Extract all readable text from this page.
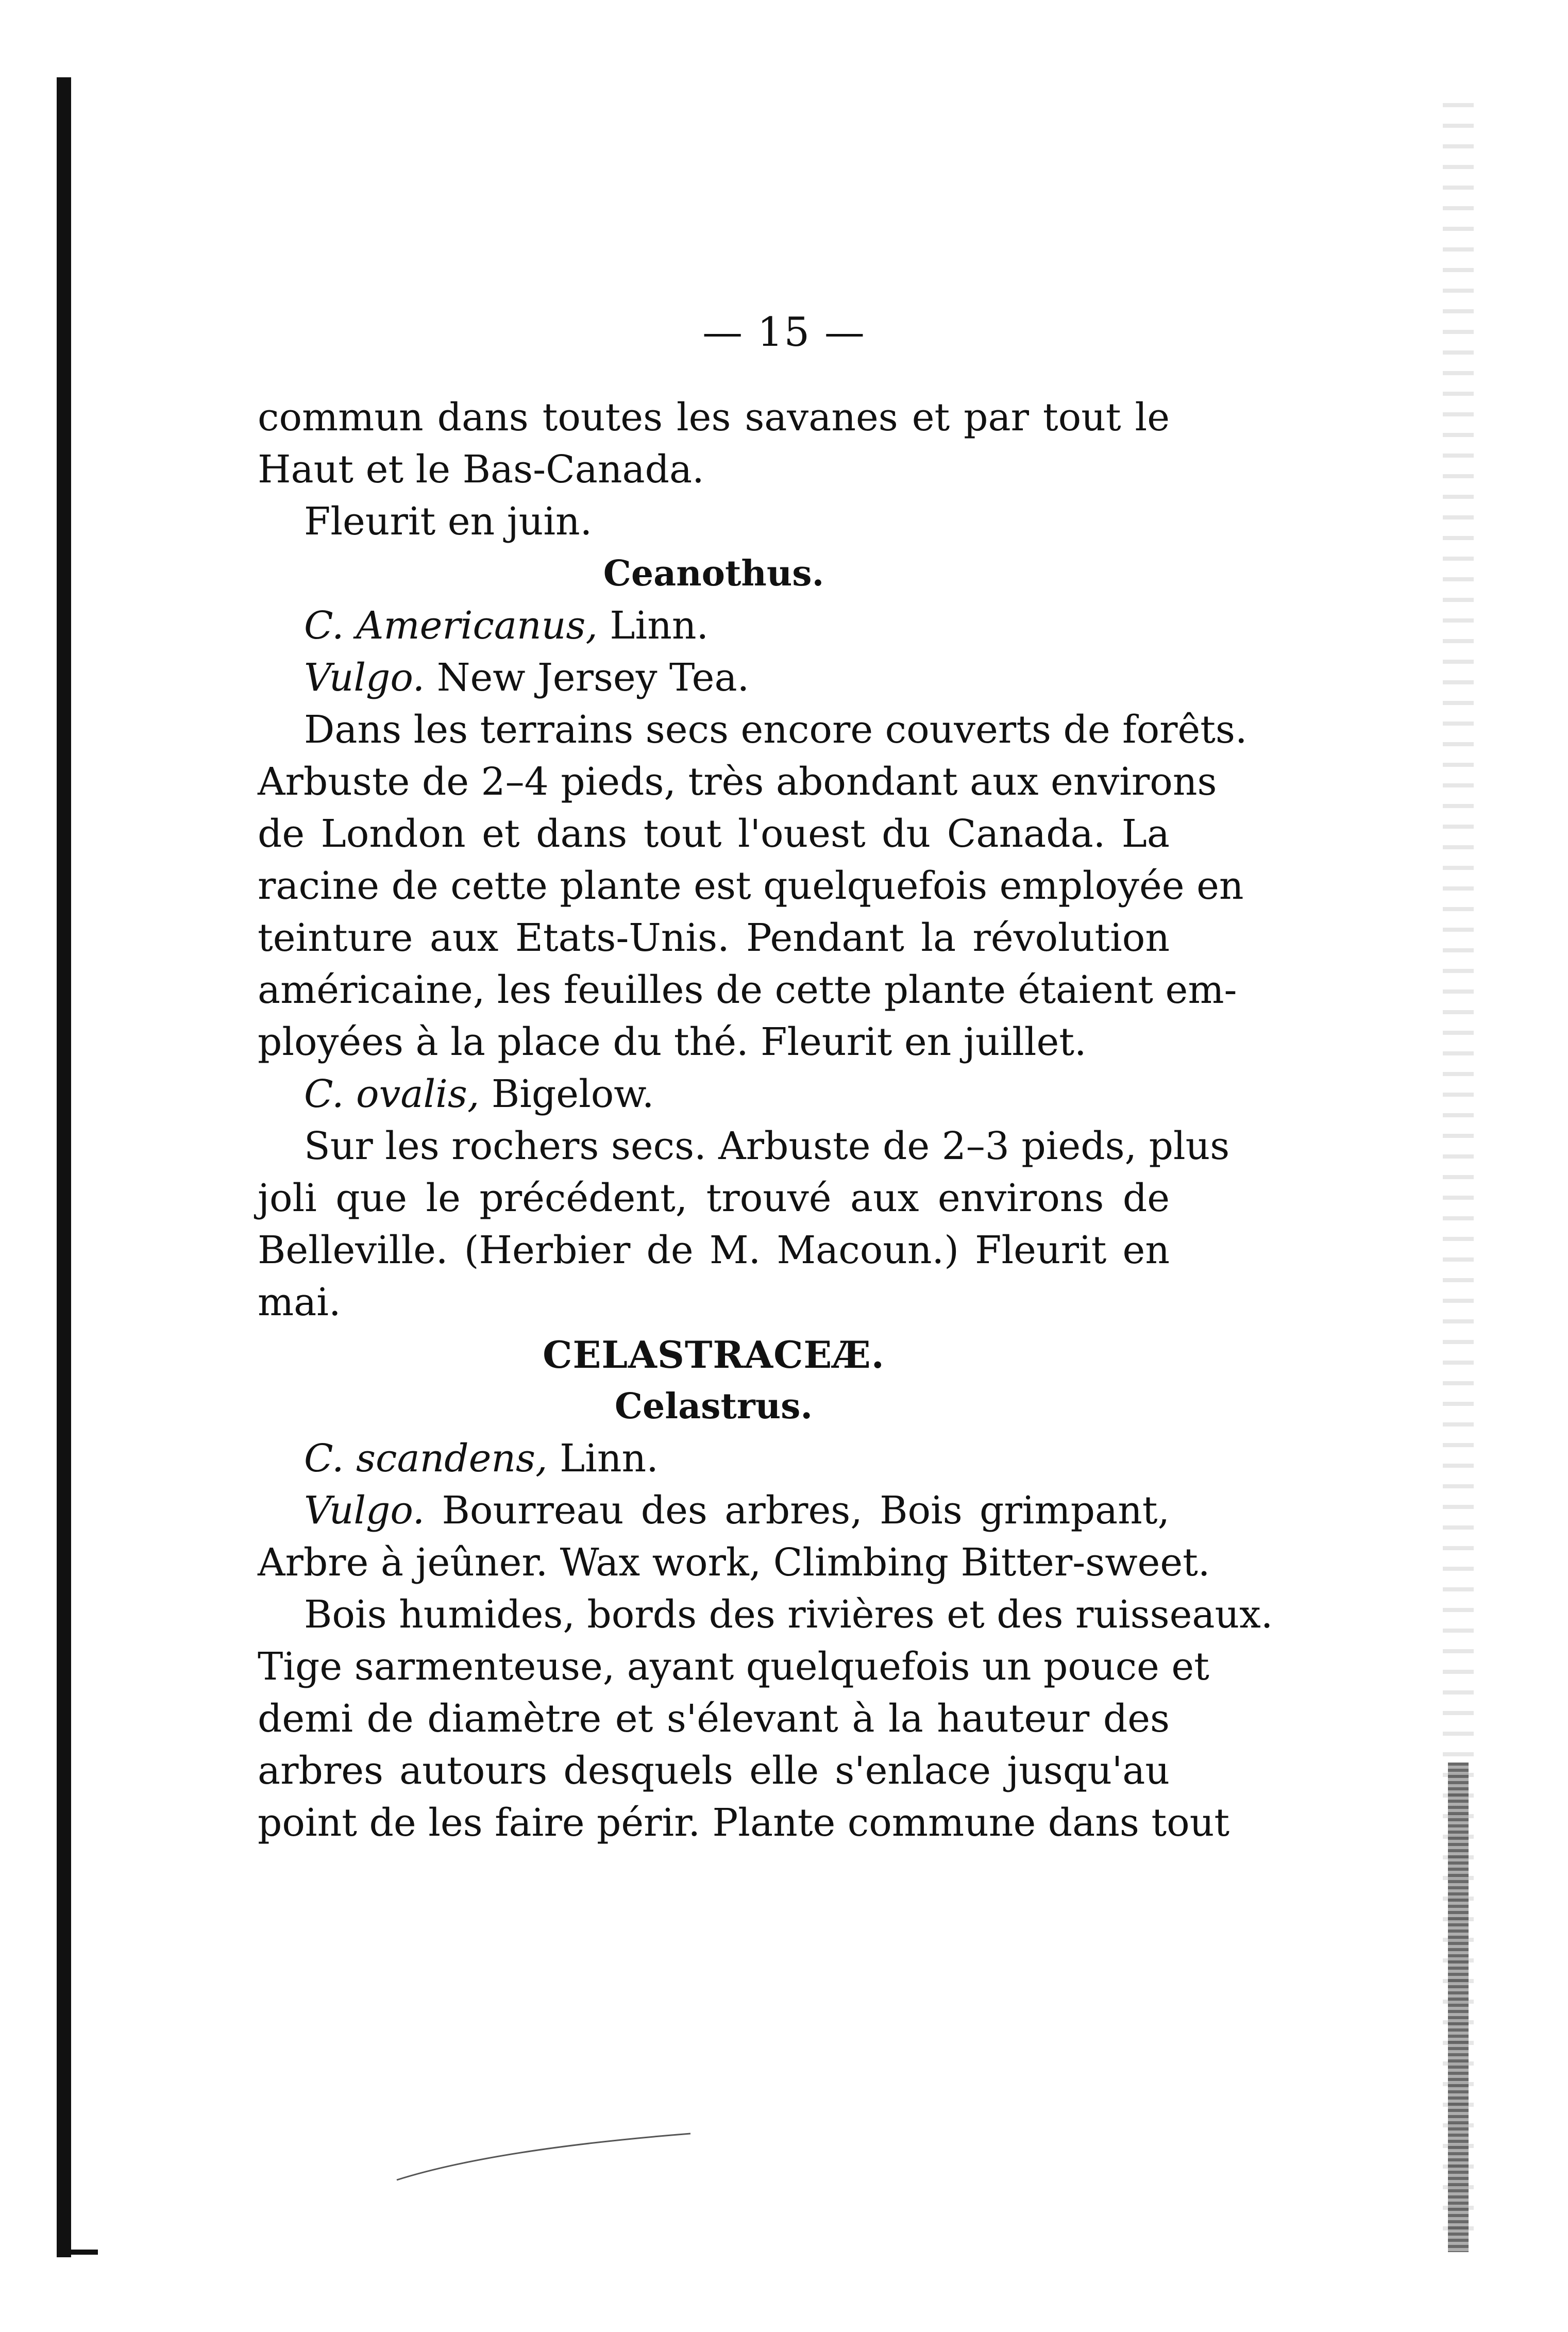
— 15 —
commun dans toutes les savanes et par tout le
Haut et le Bas-Canada.
Fleurit en juin.
Ceanothus.
C. Americanus, Linn.
Vulgo. New Jersey Tea.
Dans les terrains secs encore couverts de forêts.
Arbuste de 2–4 pieds, très abondant aux environs
de London et dans tout l'ouest du Canada. La
racine de cette plante est quelquefois employée en
teinture aux Etats-Unis. Pendant la révolution
américaine, les feuilles de cette plante étaient em-
ployées à la place du thé. Fleurit en juillet.
C. ovalis, Bigelow.
Sur les rochers secs. Arbuste de 2–3 pieds, plus
joli que le précédent, trouvé aux environs de
Belleville. (Herbier de M. Macoun.) Fleurit en
mai.
CELASTRACEÆ.
Celastrus.
C. scandens, Linn.
Vulgo. Bourreau des arbres, Bois grimpant,
Arbre à jeûner. Wax work, Climbing Bitter-sweet.
Bois humides, bords des rivières et des ruisseaux.
Tige sarmenteuse, ayant quelquefois un pouce et
demi de diamètre et s'élevant à la hauteur des
arbres autours desquels elle s'enlace jusqu'au
point de les faire périr. Plante commune dans tout
